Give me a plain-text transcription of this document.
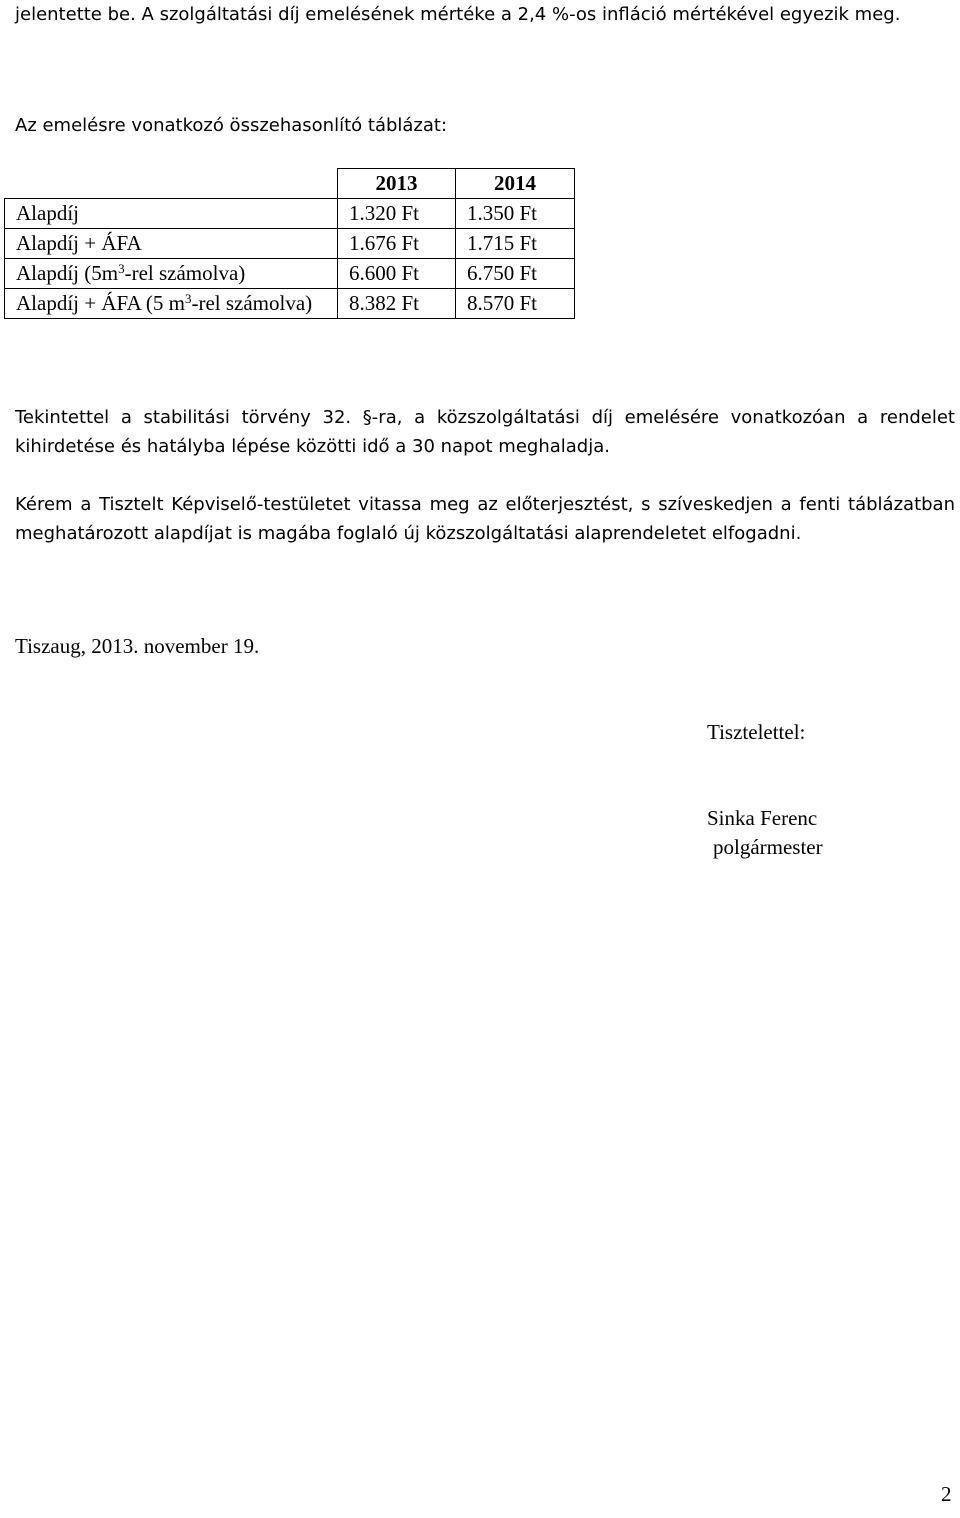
jelentette be. A szolgáltatási díj emelésének mértéke a 2,4 %-os infláció mértékével egyezik meg.
Az emelésre vonatkozó összehasonlító táblázat:
	2013	2014
Alapdíj	1.320 Ft	1.350 Ft
Alapdíj + ÁFA	1.676 Ft	1.715 Ft
Alapdíj ($5m^3$-rel számolva)	6.600 Ft	6.750 Ft
Alapdíj + ÁFA (5 $m^3$-rel számolva)	8.382 Ft	8.570 Ft
Tekintettel a stabilitási törvény 32. §-ra, a közszolgáltatási díj emelésére vonatkozóan a rendelet kihirdetése és hatályba lépése közötti idő a 30 napot meghaladja.
Kérem a Tisztelt Képviselő-testületet vitassa meg az előterjesztést, s szíveskedjen a fenti táblázatban meghatározott alapdíjat is magába foglaló új közszolgáltatási alaprendeletet elfogadni.
Tiszaug, 2013. november 19.
Tisztelettel:
Sinka Ferenc
polgármester
2
